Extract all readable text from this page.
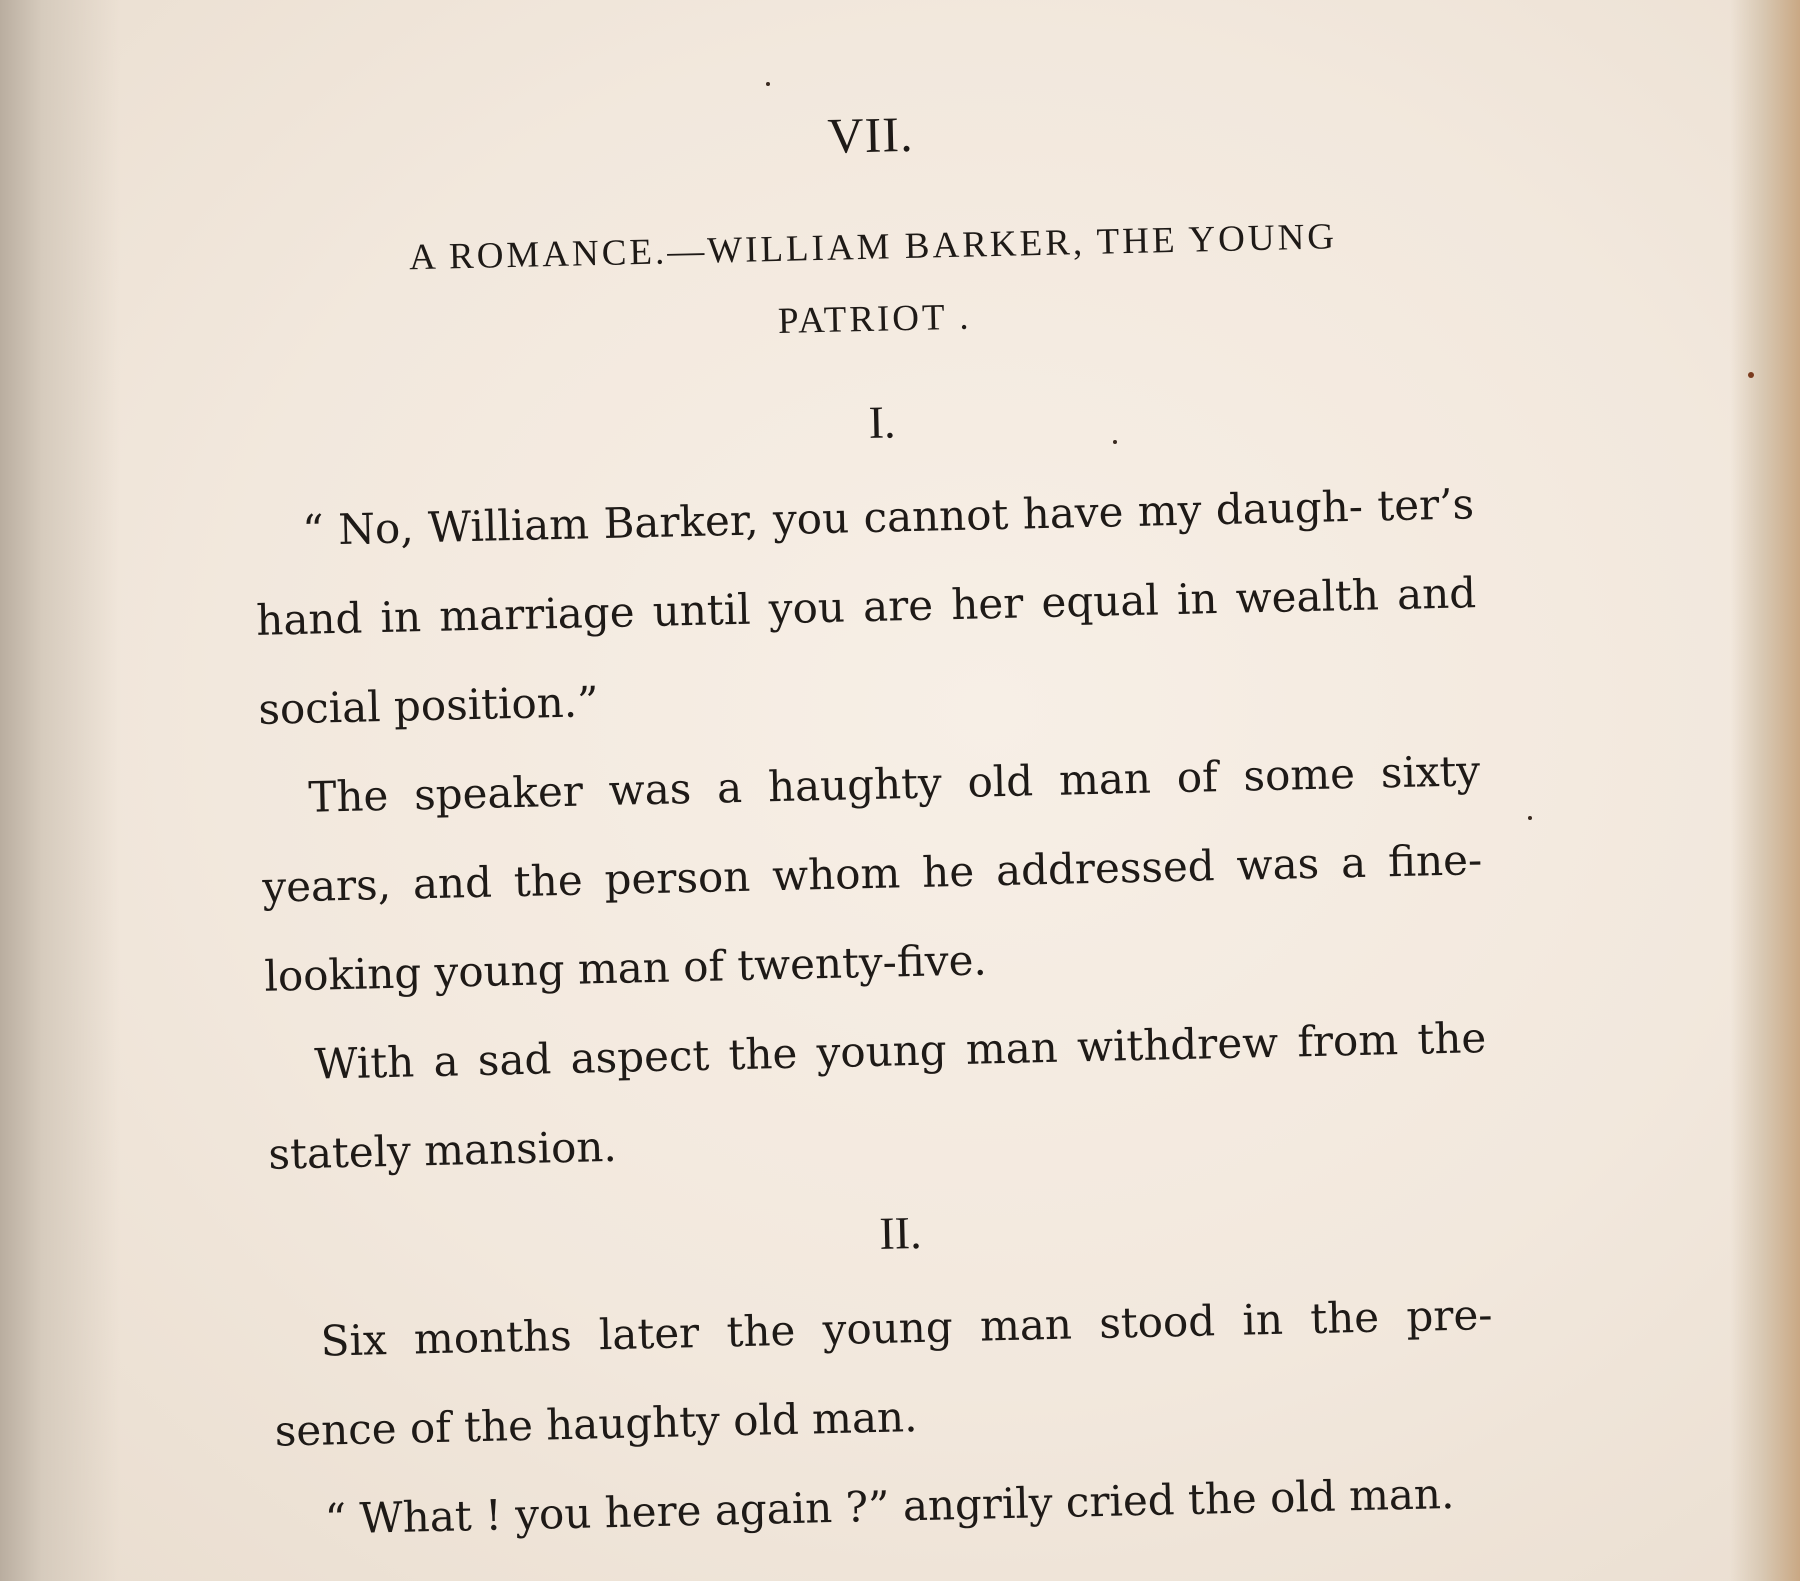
VII.
A ROMANCE.—WILLIAM BARKER, THE YOUNG
PATRIOT .
I.

“ No, William Barker, you cannot have my daugh- ter’s hand in marriage until you are her equal in wealth and social position.”

The speaker was a haughty old man of some sixty years, and the person whom he addressed was a fine- looking young man of twenty-five.

With a sad aspect the young man withdrew from the stately mansion.

II.

Six months later the young man stood in the pre- sence of the haughty old man.

“ What ! you here again ?” angrily cried the old man.
